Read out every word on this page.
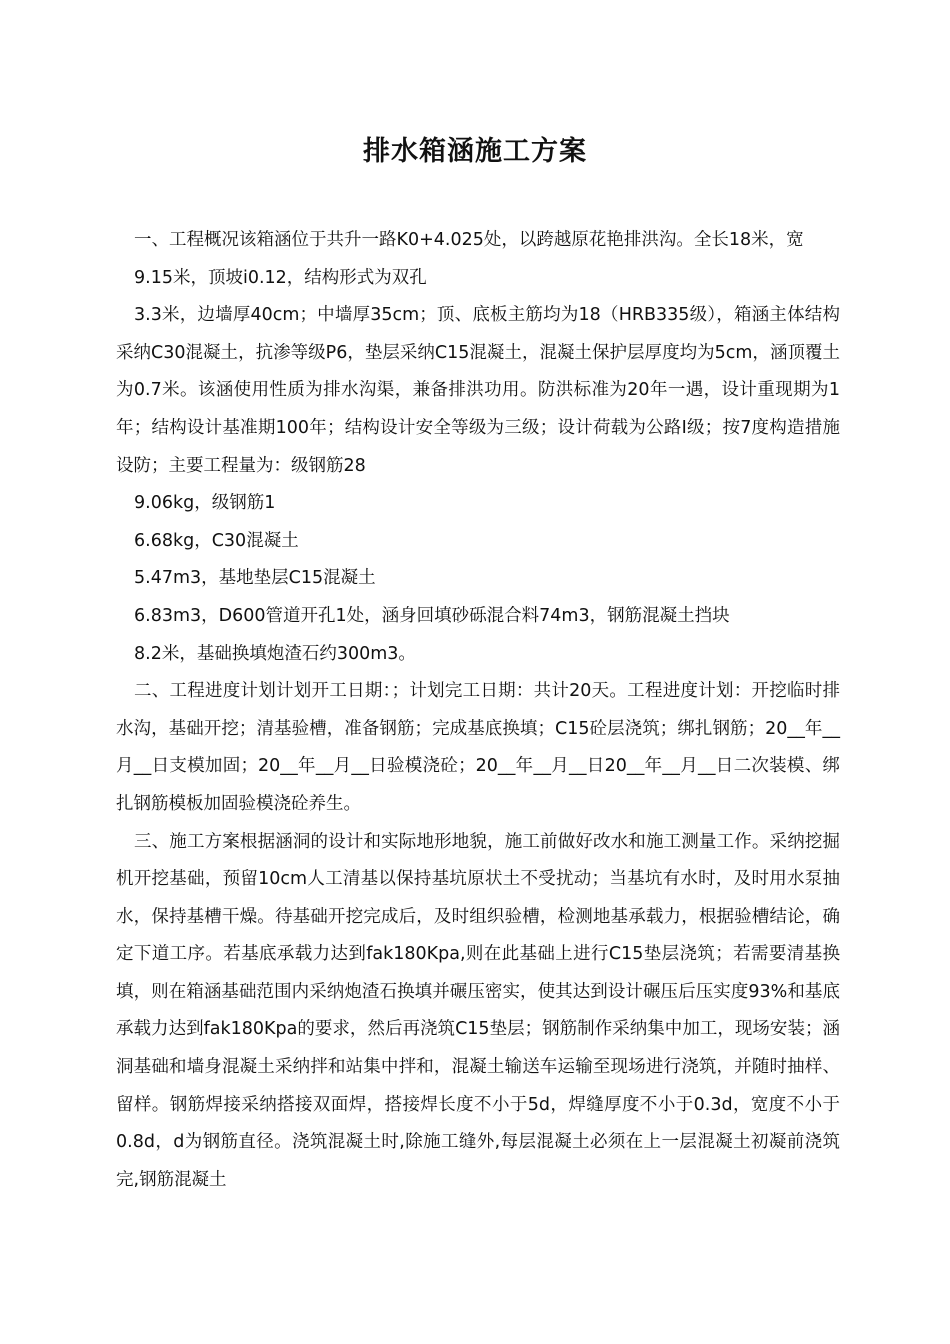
排水箱涵施工方案

一、工程概况该箱涵位于共升一路K0+4.025处，以跨越原花艳排洪沟。全长18米，宽

9.15米，顶坡i0.12，结构形式为双孔

3.3米，边墙厚40cm；中墙厚35cm；顶、底板主筋均为18（HRB335级），箱涵主体结构采纳C30混凝土，抗渗等级P6，垫层采纳C15混凝土，混凝土保护层厚度均为5cm，涵顶覆土为0.7米。该涵使用性质为排水沟渠，兼备排洪功用。防洪标准为20年一遇，设计重现期为1年；结构设计基准期100年；结构设计安全等级为三级；设计荷载为公路Ⅰ级；按7度构造措施设防；主要工程量为：级钢筋28

9.06kg，级钢筋1

6.68kg，C30混凝土

5.47m3，基地垫层C15混凝土

6.83m3，D600管道开孔1处，涵身回填砂砾混合料74m3，钢筋混凝土挡块

8.2米，基础换填炮渣石约300m3。

二、工程进度计划计划开工日期：；计划完工日期：共计20天。工程进度计划：开挖临时排水沟，基础开挖；清基验槽，准备钢筋；完成基底换填；C15砼层浇筑；绑扎钢筋；20__年__月__日支模加固；20__年__月__日验模浇砼；20__年__月__日20__年__月__日二次装模、绑扎钢筋模板加固验模浇砼养生。

三、施工方案根据涵洞的设计和实际地形地貌，施工前做好改水和施工测量工作。采纳挖掘机开挖基础，预留10cm人工清基以保持基坑原状土不受扰动；当基坑有水时，及时用水泵抽水，保持基槽干燥。待基础开挖完成后，及时组织验槽，检测地基承载力，根据验槽结论，确定下道工序。若基底承载力达到fak180Kpa,则在此基础上进行C15垫层浇筑；若需要清基换填，则在箱涵基础范围内采纳炮渣石换填并碾压密实，使其达到设计碾压后压实度93%和基底承载力达到fak180Kpa的要求，然后再浇筑C15垫层；钢筋制作采纳集中加工，现场安装；涵洞基础和墙身混凝土采纳拌和站集中拌和，混凝土输送车运输至现场进行浇筑，并随时抽样、留样。钢筋焊接采纳搭接双面焊，搭接焊长度不小于5d，焊缝厚度不小于0.3d，宽度不小于0.8d，d为钢筋直径。浇筑混凝土时,除施工缝外,每层混凝土必须在上一层混凝土初凝前浇筑完,钢筋混凝土
